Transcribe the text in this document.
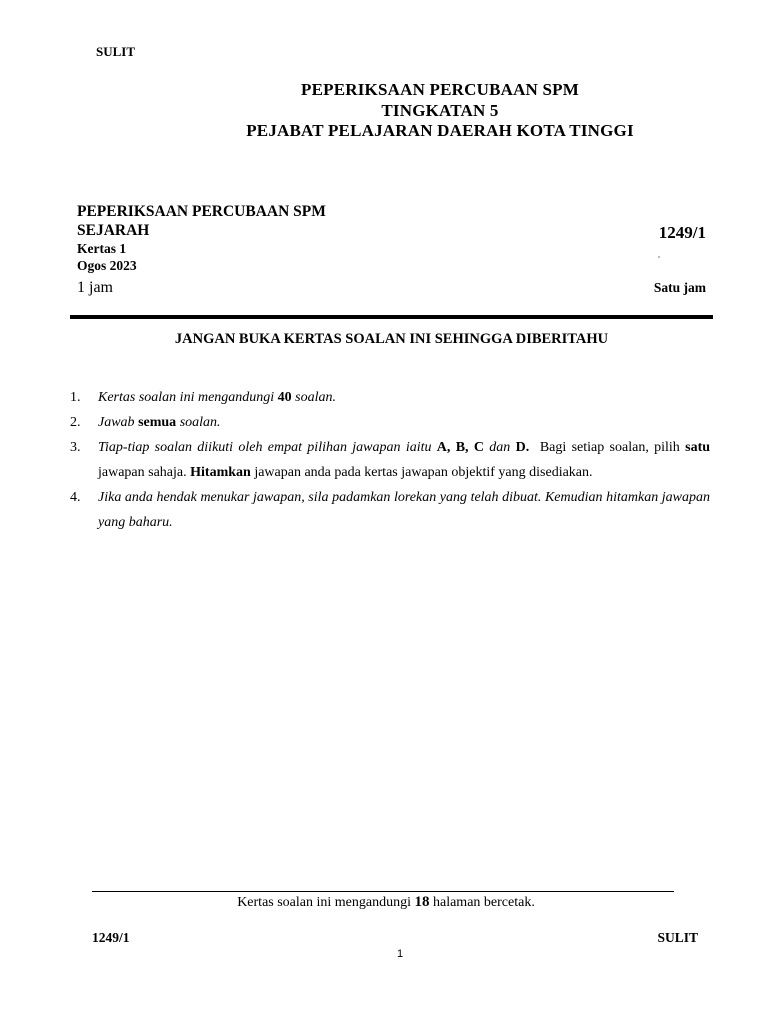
SULIT
PEPERIKSAAN PERCUBAAN SPM
TINGKATAN 5
PEJABAT PELAJARAN DAERAH KOTA TINGGI
PEPERIKSAAN PERCUBAAN SPM
SEJARAH
Kertas 1
Ogos 2023
1 jam
1249/1
Satu jam
JANGAN BUKA KERTAS SOALAN INI SEHINGGA DIBERITAHU
1.	Kertas soalan ini mengandungi 40 soalan.
2.	Jawab semua soalan.
3.	Tiap-tiap soalan diikuti oleh empat pilihan jawapan iaitu A, B, C dan D.  Bagi setiap soalan, pilih satu jawapan sahaja. Hitamkan jawapan anda pada kertas jawapan objektif yang disediakan.
4.	Jika anda hendak menukar jawapan, sila padamkan lorekan yang telah dibuat. Kemudian hitamkan jawapan yang baharu.
Kertas soalan ini mengandungi 18 halaman bercetak.
1249/1	SULIT
1
